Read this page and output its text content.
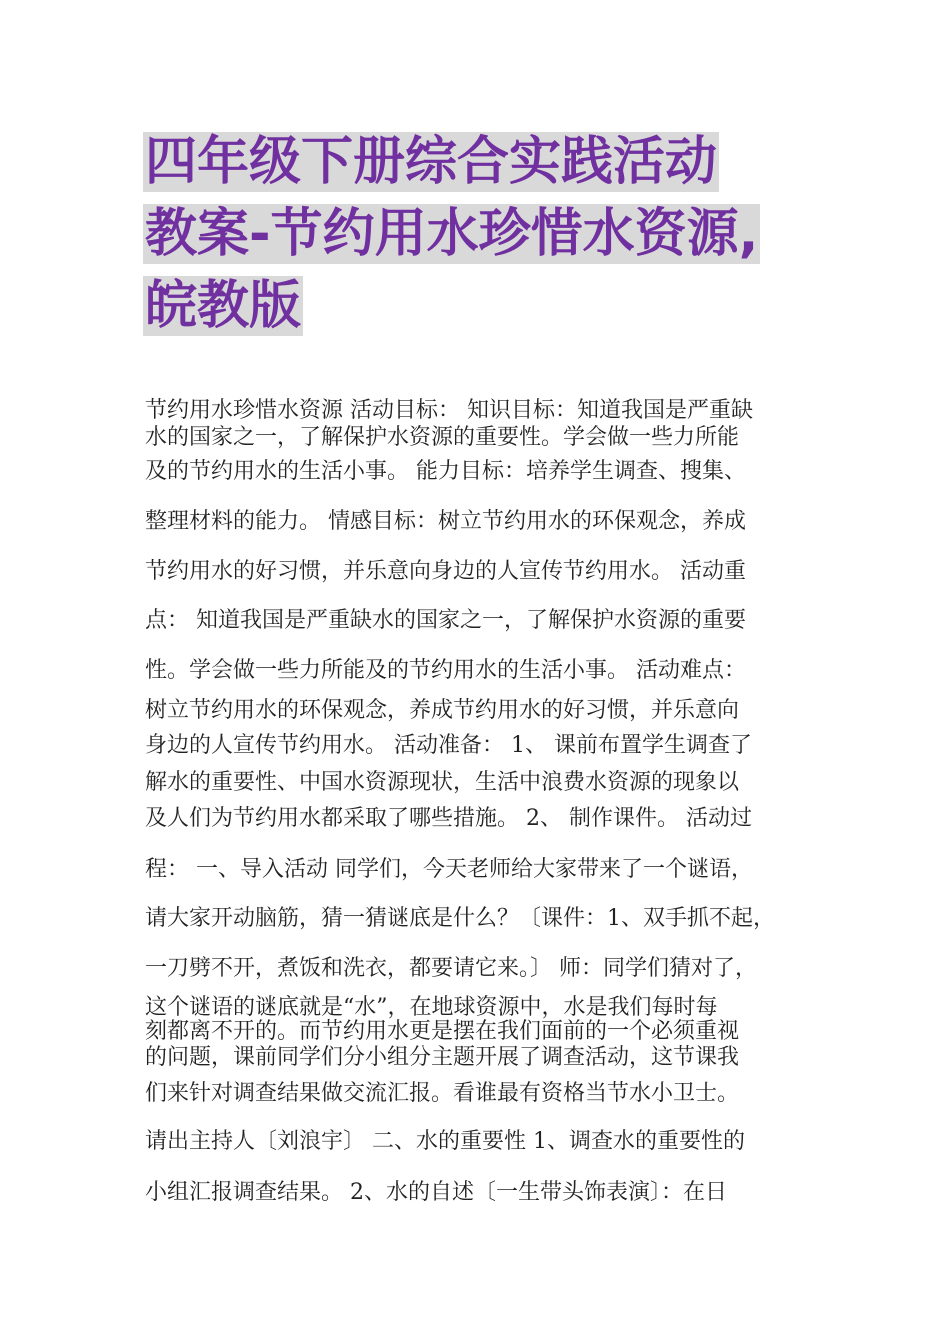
四年级下册综合实践活动
教案-节约用水珍惜水资源,
皖教版
节约用水珍惜水资源 活动目标： 知识目标：知道我国是严重缺
水的国家之一，了解保护水资源的重要性。学会做一些力所能
及的节约用水的生活小事。 能力目标：培养学生调查、搜集、
整理材料的能力。 情感目标：树立节约用水的环保观念，养成
节约用水的好习惯，并乐意向身边的人宣传节约用水。 活动重
点： 知道我国是严重缺水的国家之一，了解保护水资源的重要
性。学会做一些力所能及的节约用水的生活小事。 活动难点：
树立节约用水的环保观念，养成节约用水的好习惯，并乐意向
身边的人宣传节约用水。 活动准备： 1、 课前布置学生调查了
解水的重要性、中国水资源现状，生活中浪费水资源的现象以
及人们为节约用水都采取了哪些措施。 2、 制作课件。 活动过
程： 一、导入活动 同学们，今天老师给大家带来了一个谜语，
请大家开动脑筋，猜一猜谜底是什么？〔课件：1、双手抓不起，
一刀劈不开，煮饭和洗衣，都要请它来。〕 师：同学们猜对了，
这个谜语的谜底就是“水”，在地球资源中，水是我们每时每
刻都离不开的。而节约用水更是摆在我们面前的一个必须重视
的问题，课前同学们分小组分主题开展了调查活动，这节课我
们来针对调查结果做交流汇报。看谁最有资格当节水小卫士。
请出主持人〔刘浪宇〕 二、水的重要性 1、调查水的重要性的
小组汇报调查结果。 2、水的自述〔一生带头饰表演〕：在日
